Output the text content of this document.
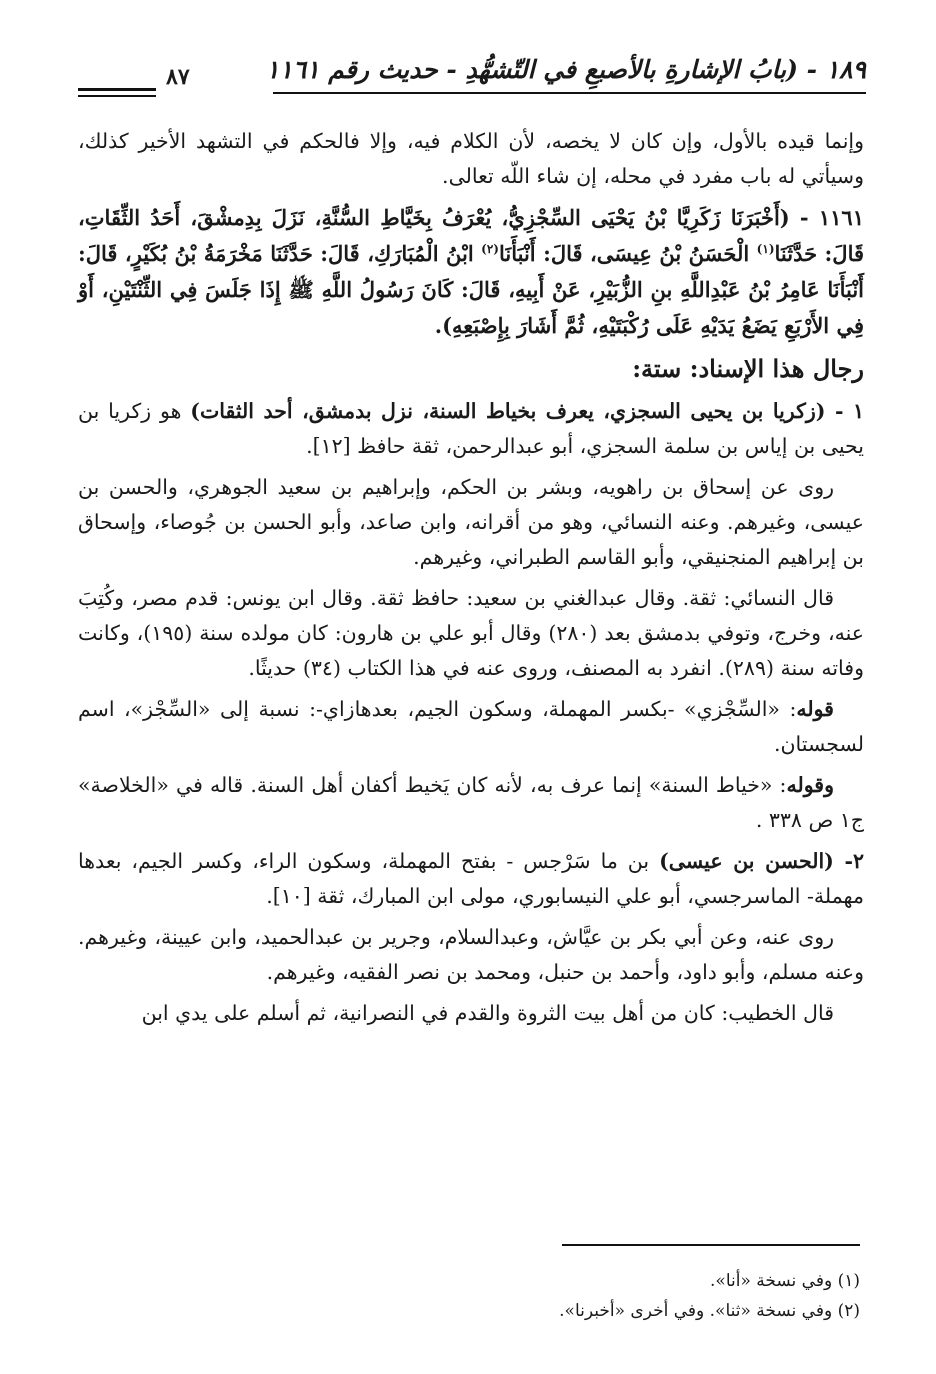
١٨٩ - (بابُ الإشارةِ بالأصبعِ في التّشهُّدِ - حديث رقم ١١٦١
٨٧

وإنما قيده بالأول، وإن كان لا يخصه، لأن الكلام فيه، وإلا فالحكم في التشهد الأخير كذلك، وسيأتي له باب مفرد في محله، إن شاء اللّه تعالى.

١١٦١ - (أَخْبَرَنَا زَكَرِيَّا بْنُ يَحْيَى السِّجْزِيُّ، يُعْرَفُ بِخَيَّاطِ السُّنَّةِ، نَزَلَ بِدِمشْقَ، أَحَدُ الثِّقَاتِ، قَالَ: حَدَّثَنَا$^{(١)}$ الْحَسَنُ بْنُ عِيسَى، قَالَ: أَنْبَأَنَا$^{(٢)}$ ابْنُ الْمُبَارَكِ، قَالَ: حَدَّثَنَا مَخْرَمَةُ بْنُ بُكَيْرٍ، قَالَ: أَنْبَأَنَا عَامِرُ بْنُ عَبْدِاللَّهِ بنِ الزُّبَيْرِ، عَنْ أَبِيهِ، قَالَ: كَانَ رَسُولُ اللَّهِ ﷺ إِذَا جَلَسَ فِي الثِّنْتَيْنِ، أَوْ فِي الأَرْبَعِ يَضَعُ يَدَيْهِ عَلَى رُكْبَتَيْهِ، ثُمَّ أَشَارَ بِإِصْبَعِهِ).

رجال هذا الإسناد: ستة:

١ - (زكريا بن يحيى السجزي، يعرف بخياط السنة، نزل بدمشق، أحد الثقات) هو زكريا بن يحيى بن إياس بن سلمة السجزي، أبو عبدالرحمن، ثقة حافظ [١٢].

روى عن إسحاق بن راهويه، وبشر بن الحكم، وإبراهيم بن سعيد الجوهري، والحسن بن عيسى، وغيرهم. وعنه النسائي، وهو من أقرانه، وابن صاعد، وأبو الحسن بن جُوصاء، وإسحاق بن إبراهيم المنجنيقي، وأبو القاسم الطبراني، وغيرهم.

قال النسائي: ثقة. وقال عبدالغني بن سعيد: حافظ ثقة. وقال ابن يونس: قدم مصر، وكُتِبَ عنه، وخرج، وتوفي بدمشق بعد (٢٨٠) وقال أبو علي بن هارون: كان مولده سنة (١٩٥)، وكانت وفاته سنة (٢٨٩). انفرد به المصنف، وروى عنه في هذا الكتاب (٣٤) حديثًا.

قوله: «السِّجْزي» -بكسر المهملة، وسكون الجيم، بعدهازاي-: نسبة إلى «السِّجْز»، اسم لسجستان.

وقوله: «خياط السنة» إنما عرف به، لأنه كان يَخيط أكفان أهل السنة. قاله في «الخلاصة» ج١ ص ٣٣٨ .

٢- (الحسن بن عيسى) بن ما سَرْجس - بفتح المهملة، وسكون الراء، وكسر الجيم، بعدها مهملة- الماسرجسي، أبو علي النيسابوري، مولى ابن المبارك، ثقة [١٠].

روى عنه، وعن أبي بكر بن عيَّاش، وعبدالسلام، وجرير بن عبدالحميد، وابن عيينة، وغيرهم. وعنه مسلم، وأبو داود، وأحمد بن حنبل، ومحمد بن نصر الفقيه، وغيرهم.

قال الخطيب: كان من أهل بيت الثروة والقدم في النصرانية، ثم أسلم على يدي ابن

(١) وفي نسخة «أنا».

(٢) وفي نسخة «ثنا». وفي أخرى «أخبرنا».
